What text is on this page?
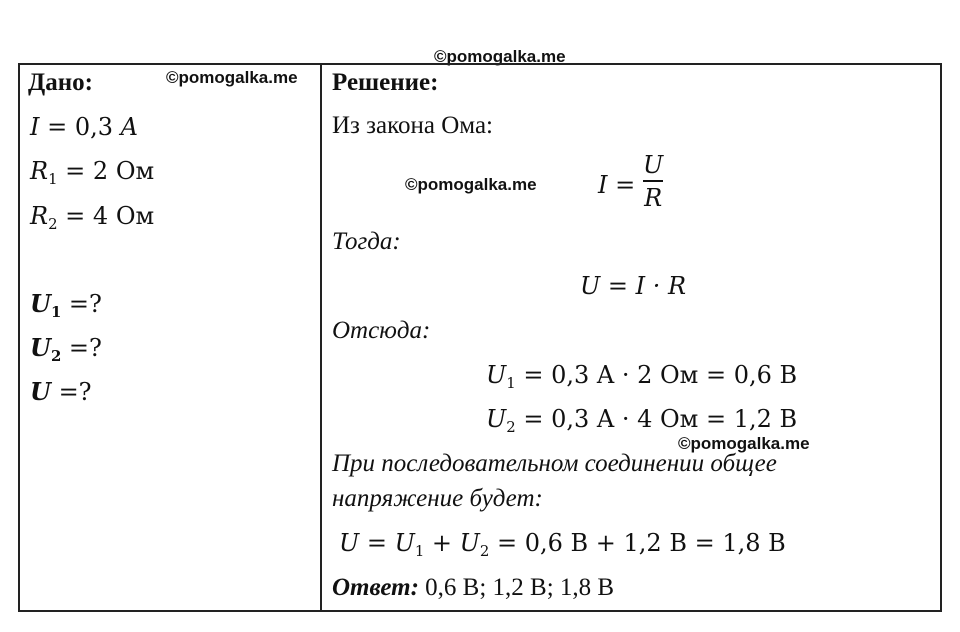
©pomogalka.me
©pomogalka.me
©pomogalka.me
©pomogalka.me
Дано:
I = 0,3 A
$R_1 = 2$ Ом
$R_2 = 4$ Ом
$U_1$ =?
$U_2$ =?
U =?
Решение:
Из закона Ома:
I =
U
R
Тогда:
U = I · R
Отсюда:
$U_1 = 0,3$ A · 2 Ом = 0,6 B
$U_2 = 0,3$ A · 4 Ом = 1,2 B
При последовательном соединении общее
напряжение будет:
$U = U_1 + U_2 = 0,6$ B + 1,2 B = 1,8 B
Ответ: 0,6 В; 1,2 В; 1,8 В
